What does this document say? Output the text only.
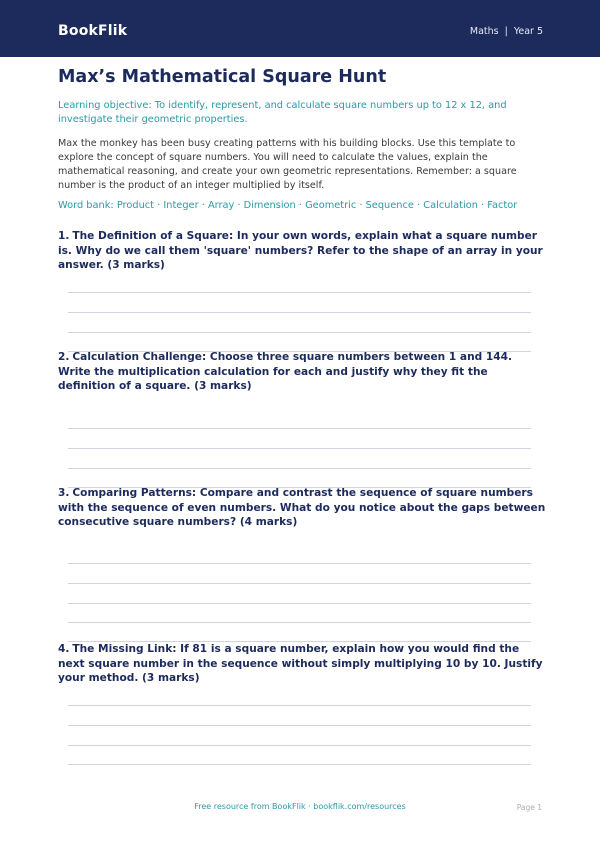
BookFlik	Maths | Year 5
Max’s Mathematical Square Hunt

Learning objective: To identify, represent, and calculate square numbers up to 12 x 12, and investigate their geometric properties.

Max the monkey has been busy creating patterns with his building blocks. Use this template to explore the concept of square numbers. You will need to calculate the values, explain the mathematical reasoning, and create your own geometric representations. Remember: a square number is the product of an integer multiplied by itself.

Word bank: Product · Integer · Array · Dimension · Geometric · Sequence · Calculation · Factor

1. The Definition of a Square: In your own words, explain what a square number is. Why do we call them 'square' numbers? Refer to the shape of an array in your answer. (3 marks)

2. Calculation Challenge: Choose three square numbers between 1 and 144. Write the multiplication calculation for each and justify why they fit the definition of a square. (3 marks)

3. Comparing Patterns: Compare and contrast the sequence of square numbers with the sequence of even numbers. What do you notice about the gaps between consecutive square numbers? (4 marks)

4. The Missing Link: If 81 is a square number, explain how you would find the next square number in the sequence without simply multiplying 10 by 10. Justify your method. (3 marks)

Free resource from BookFlik · bookflik.com/resources	Page 1
